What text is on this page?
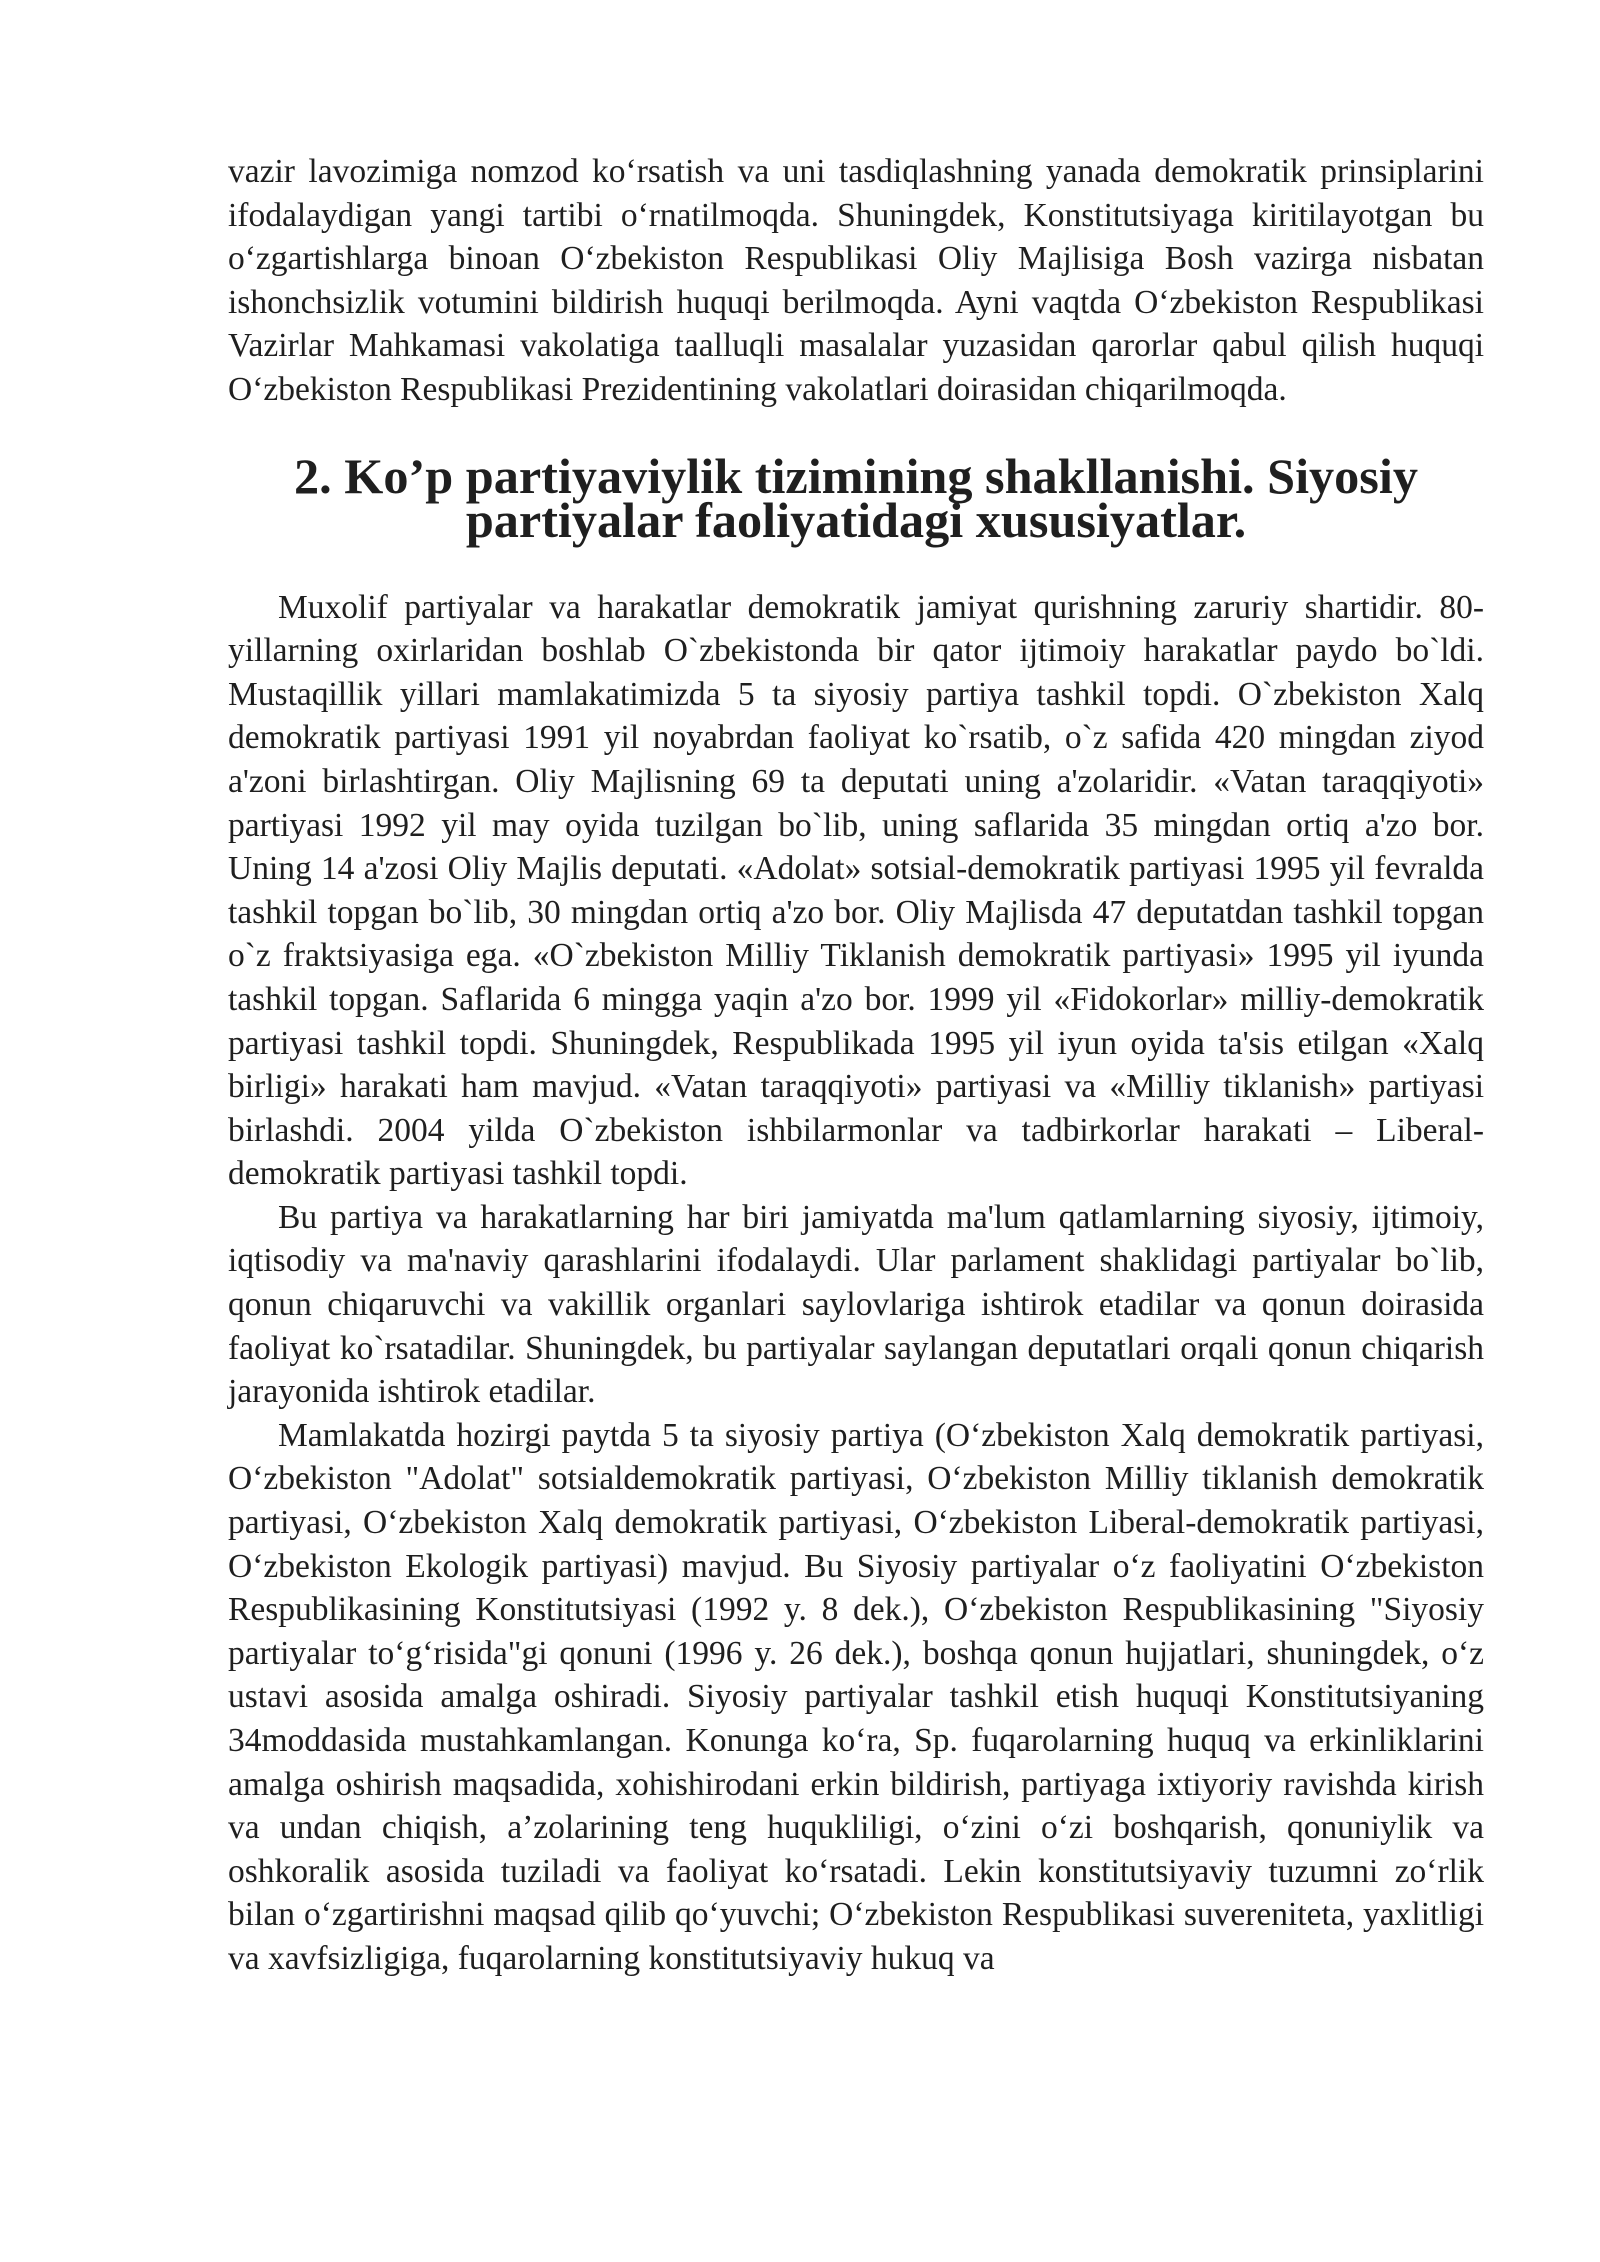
vazir lavozimiga nomzod ko‘rsatish va uni tasdiqlashning yanada demokratik prinsiplarini ifodalaydigan yangi tartibi o‘rnatilmoqda. Shuningdek, Konstitutsiyaga kiritilayotgan bu o‘zgartishlarga binoan O‘zbekiston Respublikasi Oliy Majlisiga Bosh vazirga nisbatan ishonchsizlik votumini bildirish huquqi berilmoqda. Ayni vaqtda O‘zbekiston Respublikasi Vazirlar Mahkamasi vakolatiga taalluqli masalalar yuzasidan qarorlar qabul qilish huquqi O‘zbekiston Respublikasi Prezidentining vakolatlari doirasidan chiqarilmoqda.

2. Ko’p partiyaviylik tizimining shakllanishi. Siyosiy partiyalar faoliyatidagi xususiyatlar.

Muxolif partiyalar va harakatlar demokratik jamiyat qurishning zaruriy shartidir. 80-yillarning oxirlaridan boshlab O`zbekistonda bir qator ijtimoiy harakatlar paydo bo`ldi. Mustaqillik yillari mamlakatimizda 5 ta siyosiy partiya tashkil topdi. O`zbekiston Xalq demokratik partiyasi 1991 yil noyabrdan faoliyat ko`rsatib, o`z safida 420 mingdan ziyod a'zoni birlashtirgan. Oliy Majlisning 69 ta deputati uning a'zolaridir. «Vatan taraqqiyoti» partiyasi 1992 yil may oyida tuzilgan bo`lib, uning saflarida 35 mingdan ortiq a'zo bor. Uning 14 a'zosi Oliy Majlis deputati. «Adolat» sotsial-demokratik partiyasi 1995 yil fevralda tashkil topgan bo`lib, 30 mingdan ortiq a'zo bor. Oliy Majlisda 47 deputatdan tashkil topgan o`z fraktsiyasiga ega. «O`zbekiston Milliy Tiklanish demokratik partiyasi» 1995 yil iyunda tashkil topgan. Saflarida 6 mingga yaqin a'zo bor. 1999 yil «Fidokorlar» milliy-demokratik partiyasi tashkil topdi. Shuningdek, Respublikada 1995 yil iyun oyida ta'sis etilgan «Xalq birligi» harakati ham mavjud. «Vatan taraqqiyoti» partiyasi va «Milliy tiklanish» partiyasi birlashdi. 2004 yilda O`zbekiston ishbilarmonlar va tadbirkorlar harakati – Liberal-demokratik partiyasi tashkil topdi.

Bu partiya va harakatlarning har biri jamiyatda ma'lum qatlamlarning siyosiy, ijtimoiy, iqtisodiy va ma'naviy qarashlarini ifodalaydi. Ular parlament shaklidagi partiyalar bo`lib, qonun chiqaruvchi va vakillik organlari saylovlariga ishtirok etadilar va qonun doirasida faoliyat ko`rsatadilar. Shuningdek, bu partiyalar saylangan deputatlari orqali qonun chiqarish jarayonida ishtirok etadilar.

Mamlakatda hozirgi paytda 5 ta siyosiy partiya (O‘zbekiston Xalq demokratik partiyasi, O‘zbekiston "Adolat" sotsialdemokratik partiyasi, O‘zbekiston Milliy tiklanish demokratik partiyasi, O‘zbekiston Xalq demokratik partiyasi, O‘zbekiston Liberal-demokratik partiyasi, O‘zbekiston Ekologik partiyasi) mavjud. Bu Siyosiy partiyalar o‘z faoliyatini O‘zbekiston Respublikasining Konstitutsiyasi (1992 y. 8 dek.), O‘zbekiston Respublikasining "Siyosiy partiyalar to‘g‘risida"gi qonuni (1996 y. 26 dek.), boshqa qonun hujjatlari, shuningdek, o‘z ustavi asosida amalga oshiradi. Siyosiy partiyalar tashkil etish huquqi Konstitutsiyaning 34moddasida mustahkamlangan. Konunga ko‘ra, Sp. fuqarolarning huquq va erkinliklarini amalga oshirish maqsadida, xohishirodani erkin bildirish, partiyaga ixtiyoriy ravishda kirish va undan chiqish, a’zolarining teng huqukliligi, o‘zini o‘zi boshqarish, qonuniylik va oshkoralik asosida tuziladi va faoliyat ko‘rsatadi. Lekin konstitutsiyaviy tuzumni zo‘rlik bilan o‘zgartirishni maqsad qilib qo‘yuvchi; O‘zbekiston Respublikasi suvereniteta, yaxlitligi va xavfsizligiga, fuqarolarning konstitutsiyaviy hukuq va
